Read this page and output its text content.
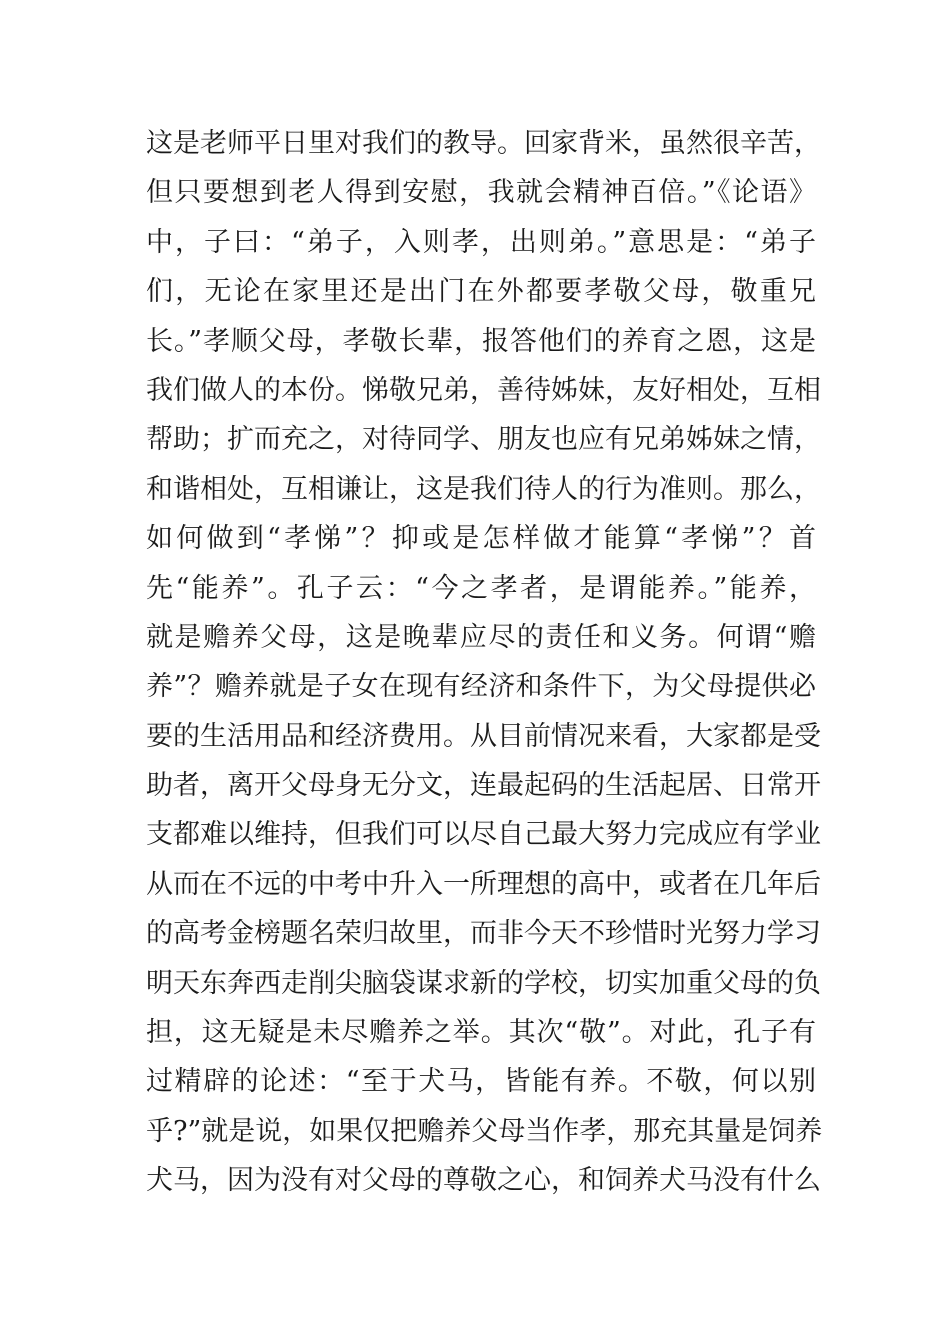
这是老师平日里对我们的教导。回家背米，虽然很辛苦，
但只要想到老人得到安慰，我就会精神百倍。”《论语》
中，子曰：“弟子，入则孝，出则弟。”意思是：“弟子
们，无论在家里还是出门在外都要孝敬父母，敬重兄
长。”孝顺父母，孝敬长辈，报答他们的养育之恩，这是
我们做人的本份。悌敬兄弟，善待姊妹，友好相处，互相
帮助；扩而充之，对待同学、朋友也应有兄弟姊妹之情，
和谐相处，互相谦让，这是我们待人的行为准则。那么，
如何做到“孝悌”？抑或是怎样做才能算“孝悌”？首
先“能养”。孔子云：“今之孝者，是谓能养。”能养，
就是赡养父母，这是晚辈应尽的责任和义务。何谓“赡
养”？赡养就是子女在现有经济和条件下，为父母提供必
要的生活用品和经济费用。从目前情况来看，大家都是受
助者，离开父母身无分文，连最起码的生活起居、日常开
支都难以维持，但我们可以尽自己最大努力完成应有学业
从而在不远的中考中升入一所理想的高中，或者在几年后
的高考金榜题名荣归故里，而非今天不珍惜时光努力学习
明天东奔西走削尖脑袋谋求新的学校，切实加重父母的负
担，这无疑是未尽赡养之举。其次“敬”。对此，孔子有
过精辟的论述：“至于犬马，皆能有养。不敬，何以别
乎?”就是说，如果仅把赡养父母当作孝，那充其量是饲养
犬马，因为没有对父母的尊敬之心，和饲养犬马没有什么
